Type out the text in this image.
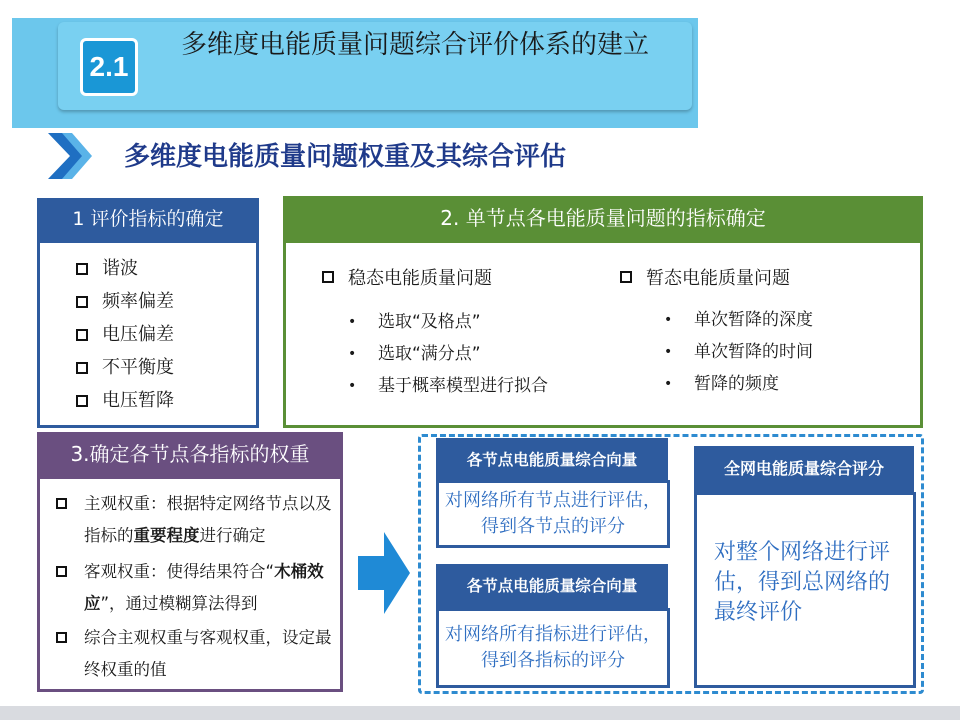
2.1
多维度电能质量问题综合评价体系的建立
多维度电能质量问题权重及其综合评估
1 评价指标的确定
谐波
频率偏差
电压偏差
不平衡度
电压暂降
2. 单节点各电能质量问题的指标确定
稳态电能质量问题
•	选取“及格点”
•	选取“满分点”
•	基于概率模型进行拟合
暂态电能质量问题
•	单次暂降的深度
•	单次暂降的时间
•	暂降的频度
3.确定各节点各指标的权重
主观权重：根据特定网络节点以及指标的重要程度进行确定
客观权重：使得结果符合“木桶效应”，通过模糊算法得到
综合主观权重与客观权重，设定最终权重的值
各节点电能质量综合向量
对网络所有节点进行评估，得到各节点的评分
各节点电能质量综合向量
对网络所有指标进行评估，得到各指标的评分
全网电能质量综合评分
对整个网络进行评估，得到总网络的最终评价
